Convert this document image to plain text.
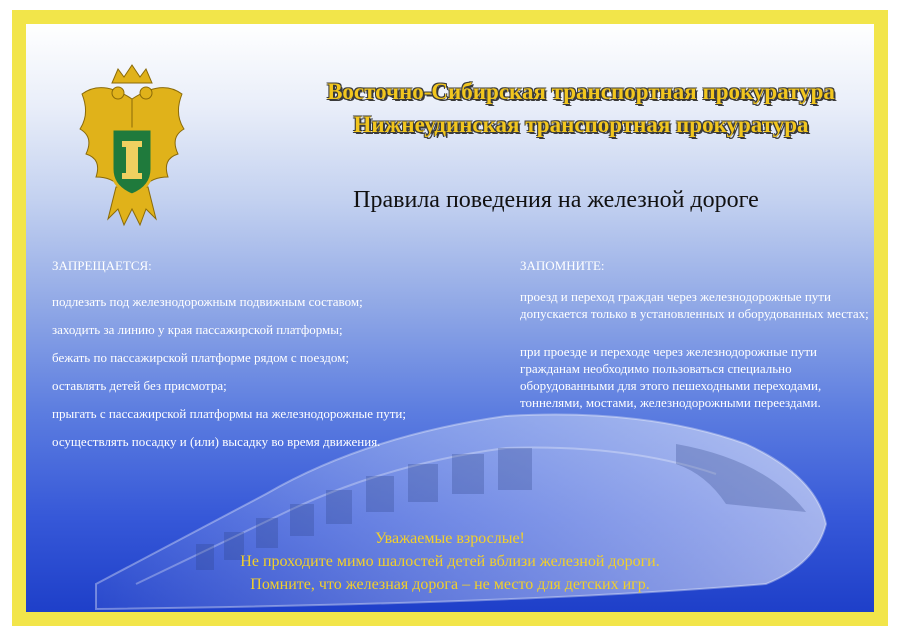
Восточно-Сибирская транспортная прокуратура
Нижнеудинская транспортная прокуратура
Правила поведения на железной дороге
ЗАПРЕЩАЕТСЯ:
подлезать под железнодорожным подвижным составом;
заходить за линию у края пассажирской платформы;
бежать по пассажирской платформе рядом с поездом;
оставлять детей без присмотра;
прыгать с пассажирской платформы на железнодорожные пути;
осуществлять посадку и (или) высадку во время движения.
ЗАПОМНИТЕ:
проезд и переход граждан через железнодорожные пути допускается только в установленных и оборудованных местах;
при проезде и переходе через железнодорожные пути гражданам необходимо пользоваться специально оборудованными для этого пешеходными переходами, тоннелями, мостами, железнодорожными переездами.
Уважаемые взрослые!
Не проходите мимо шалостей детей вблизи железной дороги.
Помните, что железная дорога – не место для детских игр.
